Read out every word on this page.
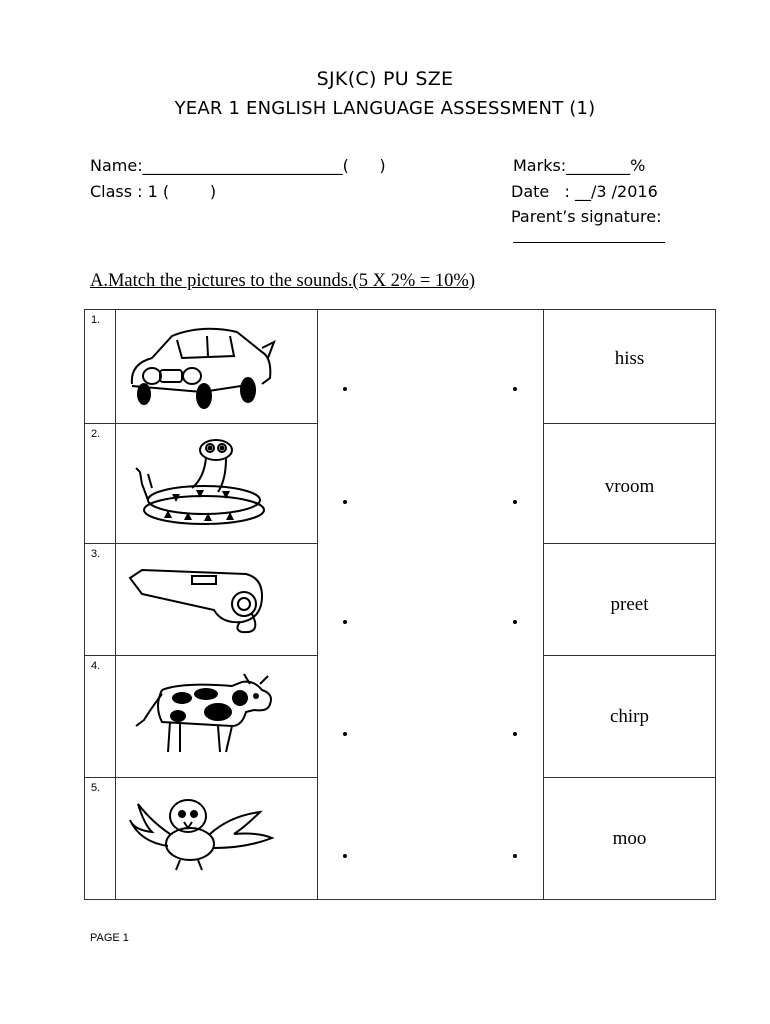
SJK(C) PU SZE
YEAR 1 ENGLISH LANGUAGE ASSESSMENT (1)
Name:_________________________(      )	Marks:________%
Class : 1 (        )	Date   : __/3 /2016
Parent’s signature:
A.Match the pictures to the sounds.(5 X 2% = 10%)
1.			hiss

2.			vroom

3.			preet

4.			chirp

5.			moo
PAGE 1
